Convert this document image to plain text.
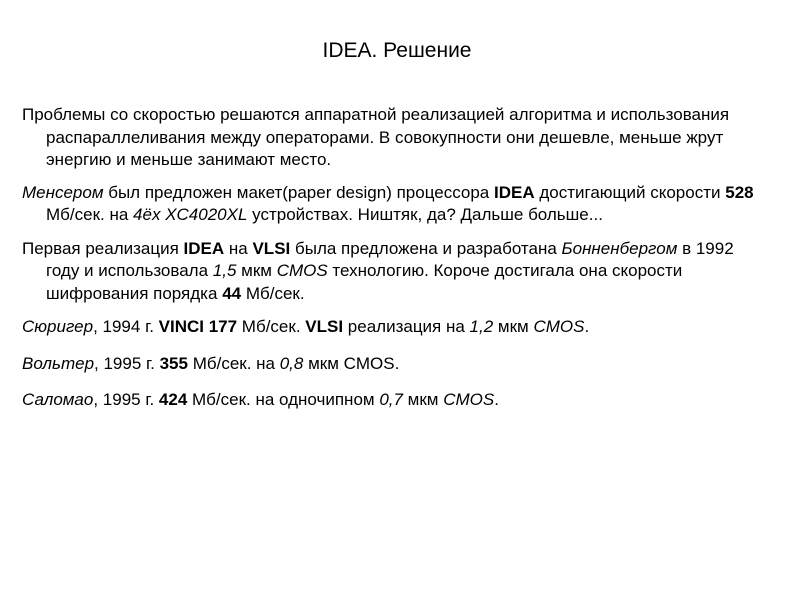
IDEA. Решение
Проблемы со скоростью решаются аппаратной реализацией алгоритма и использования распараллеливания между операторами. В совокупности они дешевле, меньше жрут энергию и меньше занимают место.
Менсером был предложен макет(paper design) процессора IDEA достигающий скорости 528 Мб/сек. на 4ёх XC4020XL устройствах. Ништяк, да? Дальше больше...
Первая реализация IDEA на VLSI была предложена и разработана Бонненбергом в 1992 году и использовала 1,5 мкм CMOS технологию. Короче достигала она скорости шифрования порядка 44 Мб/сек.
Сюригер, 1994 г. VINCI 177 Мб/сек. VLSI реализация на 1,2 мкм CMOS.
Вольтер, 1995 г. 355 Мб/сек. на 0,8 мкм CMOS.
Саломао, 1995 г. 424 Мб/сек. на одночипном 0,7 мкм CMOS.
